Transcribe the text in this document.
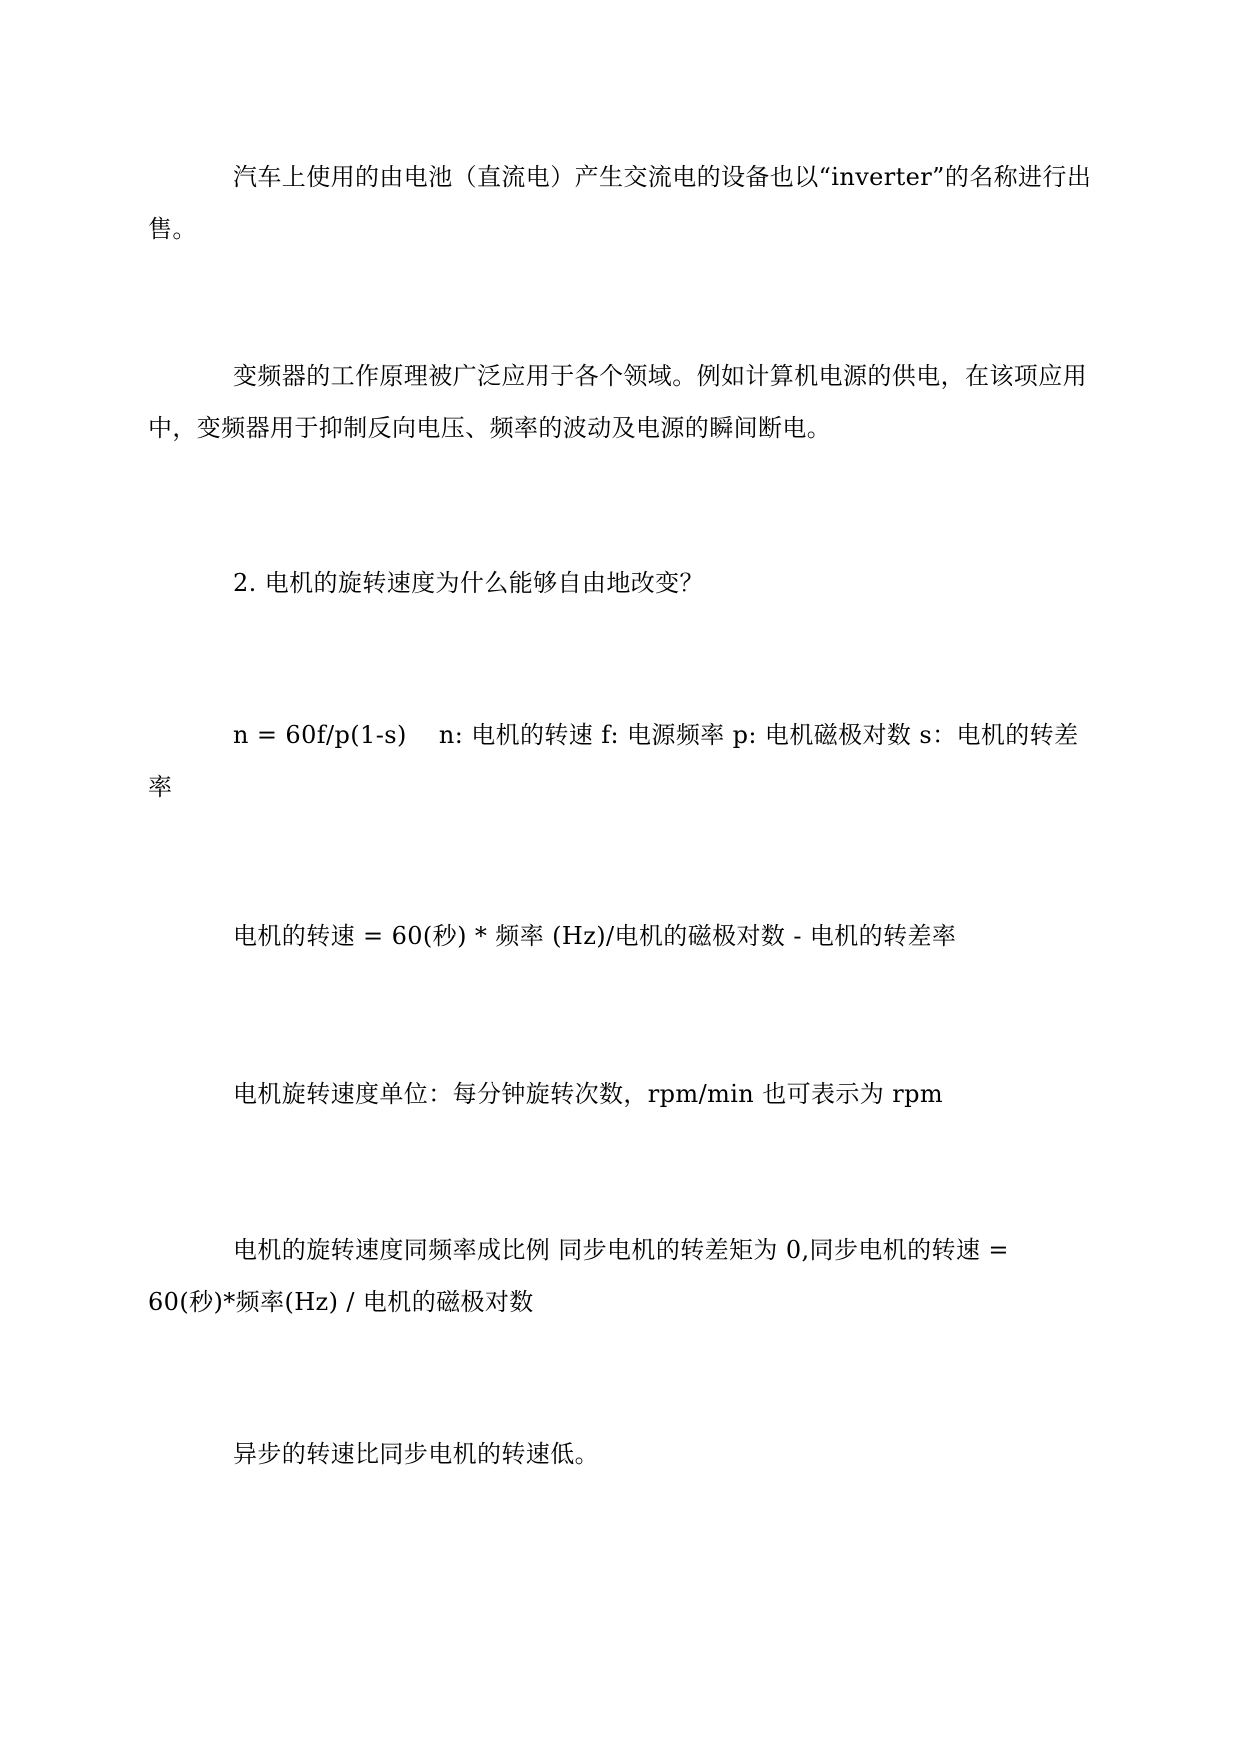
汽车上使用的由电池（直流电）产生交流电的设备也以“inverter”的名称进行出售。

变频器的工作原理被广泛应用于各个领域。例如计算机电源的供电，在该项应用中，变频器用于抑制反向电压、频率的波动及电源的瞬间断电。

2. 电机的旋转速度为什么能够自由地改变？

n = 60f/p(1-s)    n: 电机的转速 f: 电源频率 p: 电机磁极对数 s：电机的转差率

电机的转速 = 60(秒) * 频率 (Hz)/电机的磁极对数 - 电机的转差率

电机旋转速度单位：每分钟旋转次数，rpm/min 也可表示为 rpm

电机的旋转速度同频率成比例 同步电机的转差矩为 0,同步电机的转速 = 60(秒)*频率(Hz) / 电机的磁极对数

异步的转速比同步电机的转速低。
